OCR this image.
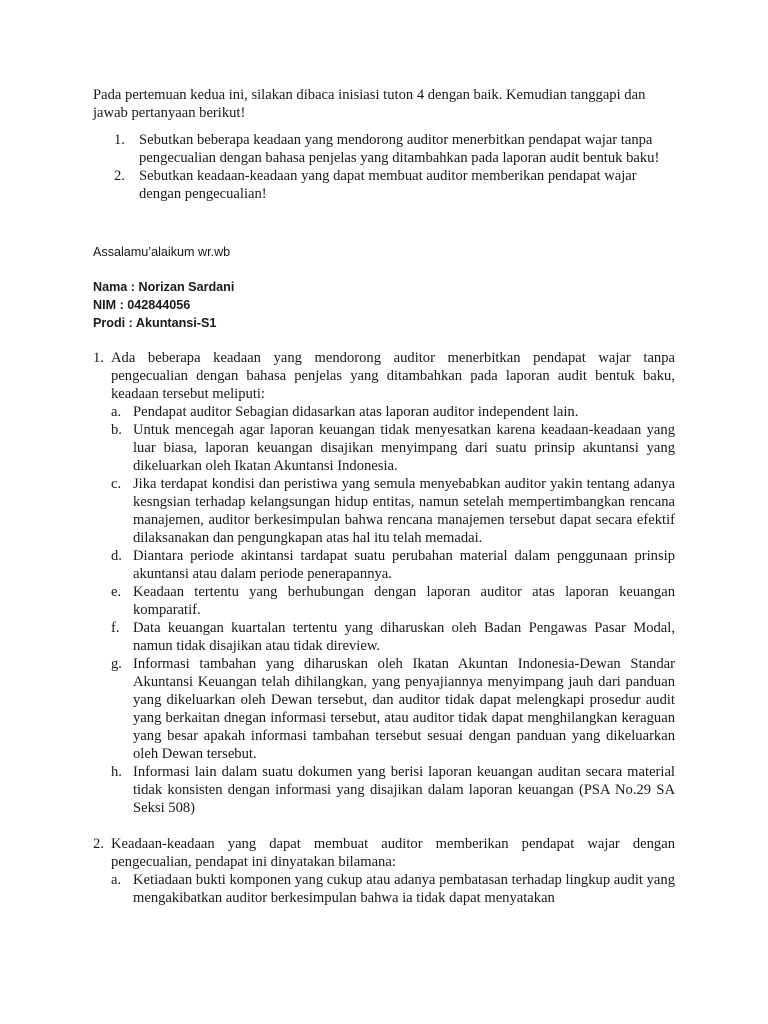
Pada pertemuan kedua ini, silakan dibaca inisiasi tuton 4 dengan baik. Kemudian tanggapi dan jawab pertanyaan berikut!

1. Sebutkan beberapa keadaan yang mendorong auditor menerbitkan pendapat wajar tanpa pengecualian dengan bahasa penjelas yang ditambahkan pada laporan audit bentuk baku!
2. Sebutkan keadaan-keadaan yang dapat membuat auditor memberikan pendapat wajar dengan pengecualian!

Assalamu’alaikum wr.wb

Nama : Norizan Sardani

NIM : 042844056

Prodi : Akuntansi-S1

1. Ada beberapa keadaan yang mendorong auditor menerbitkan pendapat wajar tanpa pengecualian dengan bahasa penjelas yang ditambahkan pada laporan audit bentuk baku, keadaan tersebut meliputi:

a. Pendapat auditor Sebagian didasarkan atas laporan auditor independent lain.

b. Untuk mencegah agar laporan keuangan tidak menyesatkan karena keadaan-keadaan yang luar biasa, laporan keuangan disajikan menyimpang dari suatu prinsip akuntansi yang dikeluarkan oleh Ikatan Akuntansi Indonesia.

c. Jika terdapat kondisi dan peristiwa yang semula menyebabkan auditor yakin tentang adanya kesngsian terhadap kelangsungan hidup entitas, namun setelah mempertimbangkan rencana manajemen, auditor berkesimpulan bahwa rencana manajemen tersebut dapat secara efektif dilaksanakan dan pengungkapan atas hal itu telah memadai.

d. Diantara periode akintansi tardapat suatu perubahan material dalam penggunaan prinsip akuntansi atau dalam periode penerapannya.

e. Keadaan tertentu yang berhubungan dengan laporan auditor atas laporan keuangan komparatif.

f. Data keuangan kuartalan tertentu yang diharuskan oleh Badan Pengawas Pasar Modal, namun tidak disajikan atau tidak direview.

g. Informasi tambahan yang diharuskan oleh Ikatan Akuntan Indonesia-Dewan Standar Akuntansi Keuangan telah dihilangkan, yang penyajiannya menyimpang jauh dari panduan yang dikeluarkan oleh Dewan tersebut, dan auditor tidak dapat melengkapi prosedur audit yang berkaitan dnegan informasi tersebut, atau auditor tidak dapat menghilangkan keraguan yang besar apakah informasi tambahan tersebut sesuai dengan panduan yang dikeluarkan oleh Dewan tersebut.

h. Informasi lain dalam suatu dokumen yang berisi laporan keuangan auditan secara material tidak konsisten dengan informasi yang disajikan dalam laporan keuangan (PSA No.29 SA Seksi 508)

2. Keadaan-keadaan yang dapat membuat auditor memberikan pendapat wajar dengan pengecualian, pendapat ini dinyatakan bilamana:

a. Ketiadaan bukti komponen yang cukup atau adanya pembatasan terhadap lingkup audit yang mengakibatkan auditor berkesimpulan bahwa ia tidak dapat menyatakan
